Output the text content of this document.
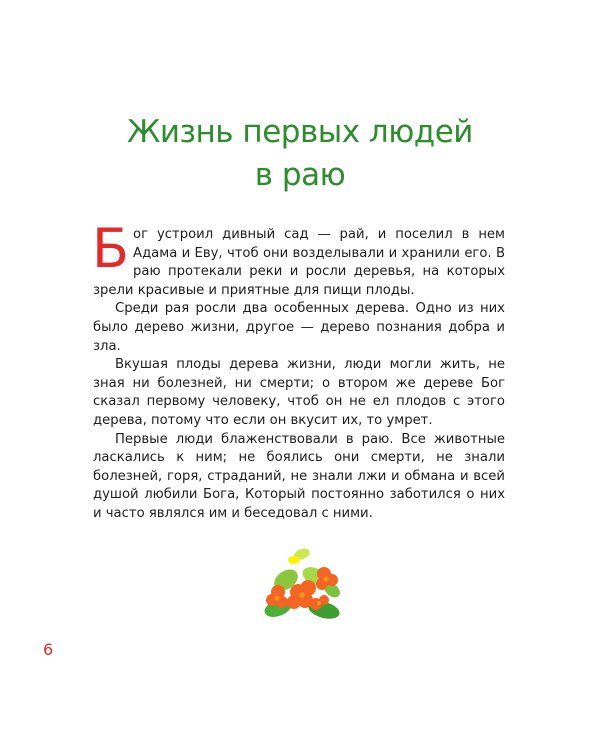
Жизнь первых людей
в раю

Бог устроил дивный сад — рай, и поселил в нем Адама и Еву, чтоб они возделывали и хранили его. В раю протекали реки и росли деревья, на которых зрели красивые и приятные для пищи плоды.

Среди рая росли два особенных дерева. Одно из них было дерево жизни, другое — дерево познания добра и зла.

Вкушая плоды дерева жизни, люди могли жить, не зная ни болезней, ни смерти; о втором же дереве Бог сказал первому человеку, чтоб он не ел плодов с этого дерева, потому что если он вкусит их, то умрет.

Первые люди блаженствовали в раю. Все животные ласкались к ним; не боялись они смерти, не знали болезней, горя, страданий, не знали лжи и обмана и всей душой любили Бога, Который постоянно заботился о них и часто являлся им и беседовал с ними.

6
